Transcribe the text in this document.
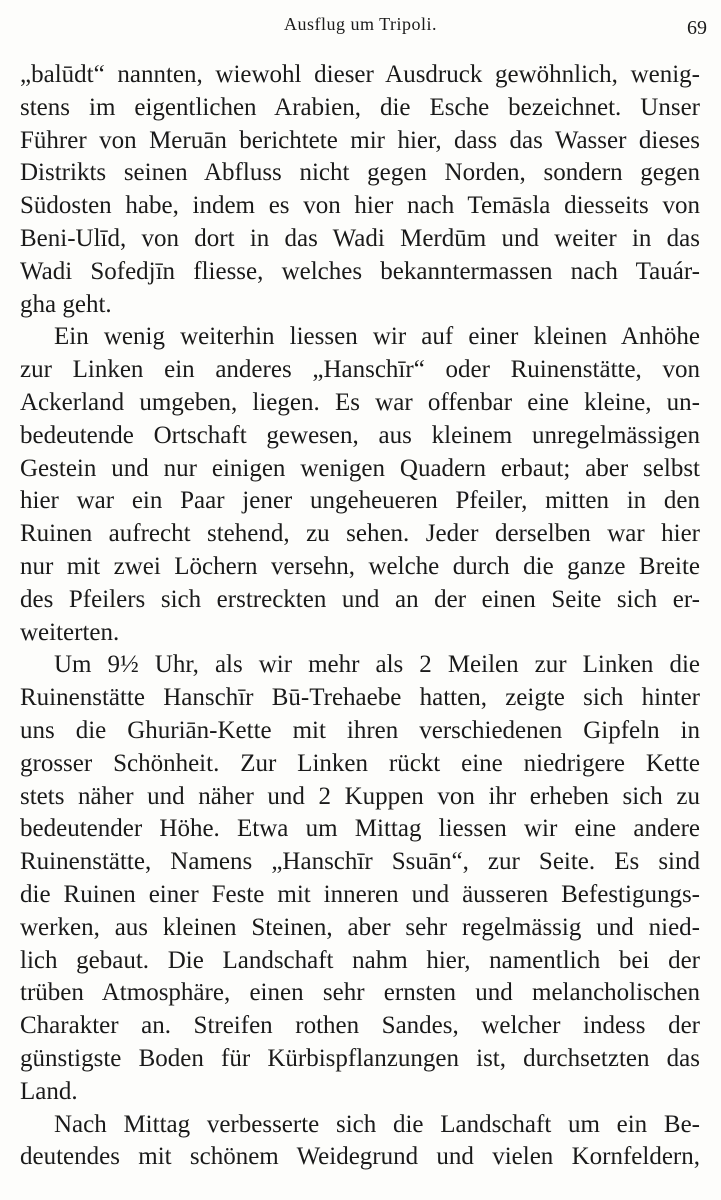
Ausflug um Tripoli.	69
„balūdt“ nannten, wiewohl dieser Ausdruck gewöhnlich, wenig-
stens im eigentlichen Arabien, die Esche bezeichnet. Unser
Führer von Meruān berichtete mir hier, dass das Wasser dieses
Distrikts seinen Abfluss nicht gegen Norden, sondern gegen
Südosten habe, indem es von hier nach Temāsla diesseits von
Beni-Ulīd, von dort in das Wadi Merdūm und weiter in das
Wadi Sofedjīn fliesse, welches bekanntermassen nach Tauár-
gha geht.
Ein wenig weiterhin liessen wir auf einer kleinen Anhöhe
zur Linken ein anderes „Hanschīr“ oder Ruinenstätte, von
Ackerland umgeben, liegen. Es war offenbar eine kleine, un-
bedeutende Ortschaft gewesen, aus kleinem unregelmässigen
Gestein und nur einigen wenigen Quadern erbaut; aber selbst
hier war ein Paar jener ungeheueren Pfeiler, mitten in den
Ruinen aufrecht stehend, zu sehen. Jeder derselben war hier
nur mit zwei Löchern versehn, welche durch die ganze Breite
des Pfeilers sich erstreckten und an der einen Seite sich er-
weiterten.
Um 9½ Uhr, als wir mehr als 2 Meilen zur Linken die
Ruinenstätte Hanschīr Bū-Trehaebe hatten, zeigte sich hinter
uns die Ghuriān-Kette mit ihren verschiedenen Gipfeln in
grosser Schönheit. Zur Linken rückt eine niedrigere Kette
stets näher und näher und 2 Kuppen von ihr erheben sich zu
bedeutender Höhe. Etwa um Mittag liessen wir eine andere
Ruinenstätte, Namens „Hanschīr Ssuān“, zur Seite. Es sind
die Ruinen einer Feste mit inneren und äusseren Befestigungs-
werken, aus kleinen Steinen, aber sehr regelmässig und nied-
lich gebaut. Die Landschaft nahm hier, namentlich bei der
trüben Atmosphäre, einen sehr ernsten und melancholischen
Charakter an. Streifen rothen Sandes, welcher indess der
günstigste Boden für Kürbispflanzungen ist, durchsetzten das
Land.
Nach Mittag verbesserte sich die Landschaft um ein Be-
deutendes mit schönem Weidegrund und vielen Kornfeldern,
